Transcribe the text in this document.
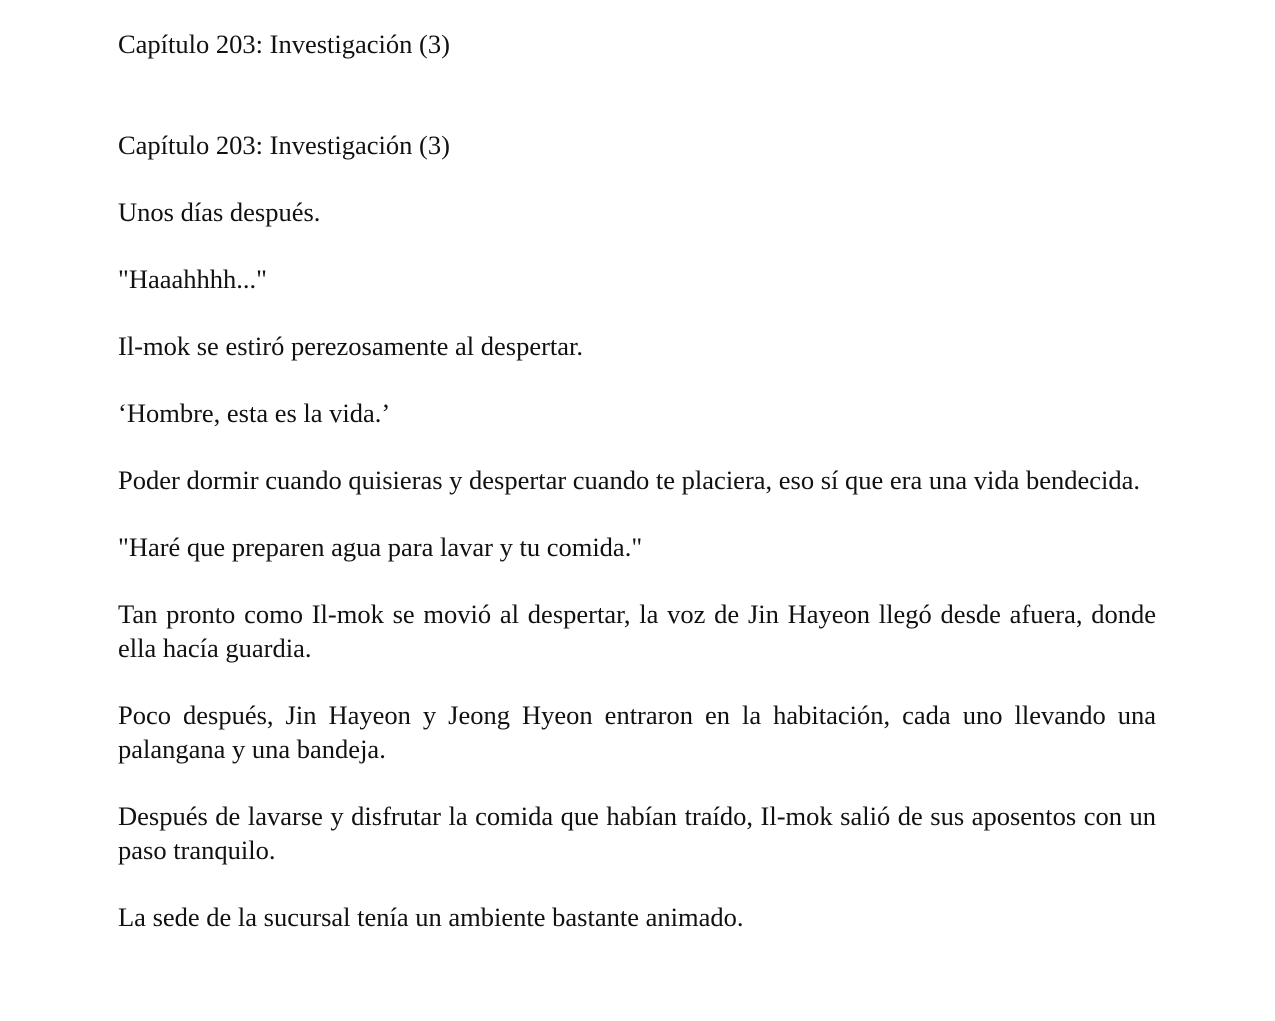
Capítulo 203: Investigación (3)

Capítulo 203: Investigación (3)

Unos días después.

"Haaahhhh..."

Il-mok se estiró perezosamente al despertar.

‘Hombre, esta es la vida.’

Poder dormir cuando quisieras y despertar cuando te placiera, eso sí que era una vida bendecida.

"Haré que preparen agua para lavar y tu comida."

Tan pronto como Il-mok se movió al despertar, la voz de Jin Hayeon llegó desde afuera, donde ella hacía guardia.

Poco después, Jin Hayeon y Jeong Hyeon entraron en la habitación, cada uno llevando una palangana y una bandeja.

Después de lavarse y disfrutar la comida que habían traído, Il-mok salió de sus aposentos con un paso tranquilo.

La sede de la sucursal tenía un ambiente bastante animado.
